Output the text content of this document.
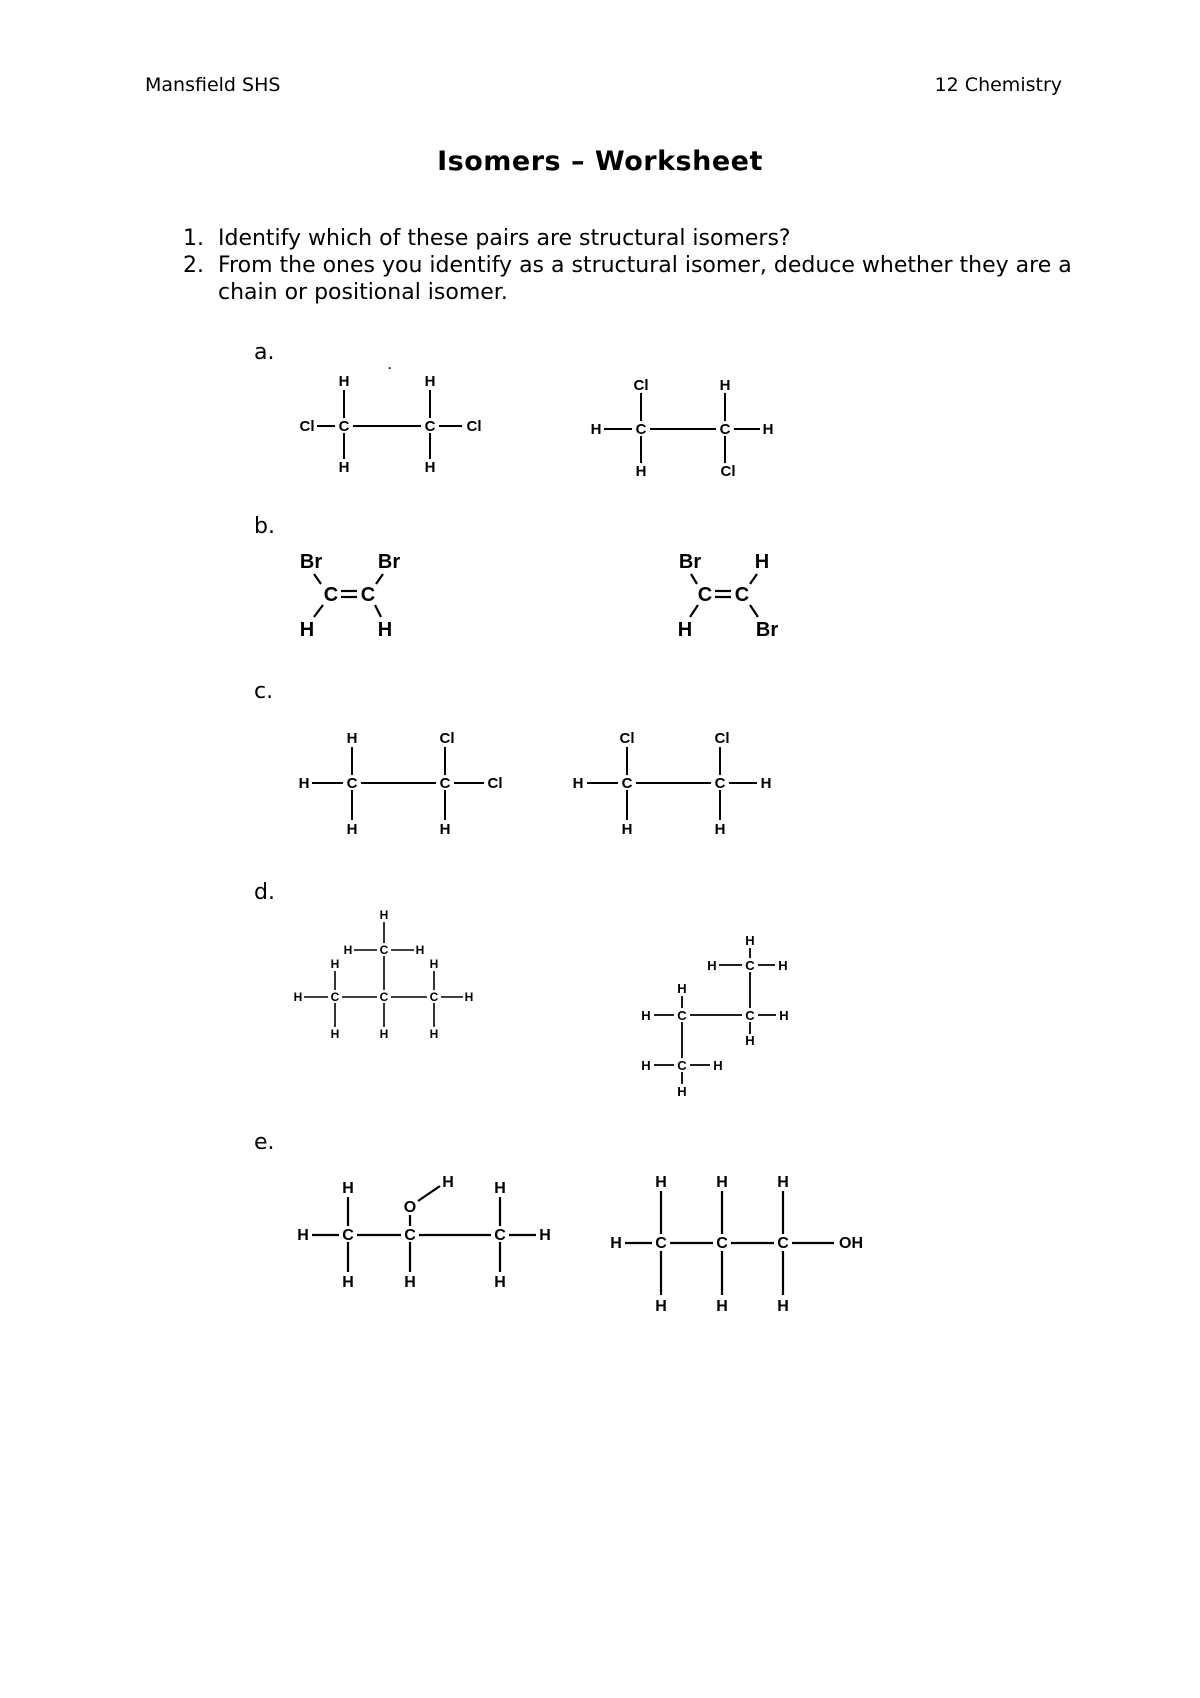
Mansfield SHS	12 Chemistry
Isomers – Worksheet
1. Identify which of these pairs are structural isomers?
2. From the ones you identify as a structural isomer, deduce whether they are a chain or positional isomer.
a.
b.
c.
d.
e.
H	H
Cl C	C Cl
H	H
·
Cl	H
H C	C H
H	Cl
Br	Br
C C
H	H
Br	H
C C
H	Br
H	Cl
H C	C Cl
H	H
Cl	Cl
H	C	C H
H	H
H
H C H
H	H
H C	C	C H
H	H	H
H
H C H
H
H C	C H
H
H C H
H
H	H	H
O
H C	C	C H
H	H	H
H	H	H
H C	C	C	OH
H	H	H
